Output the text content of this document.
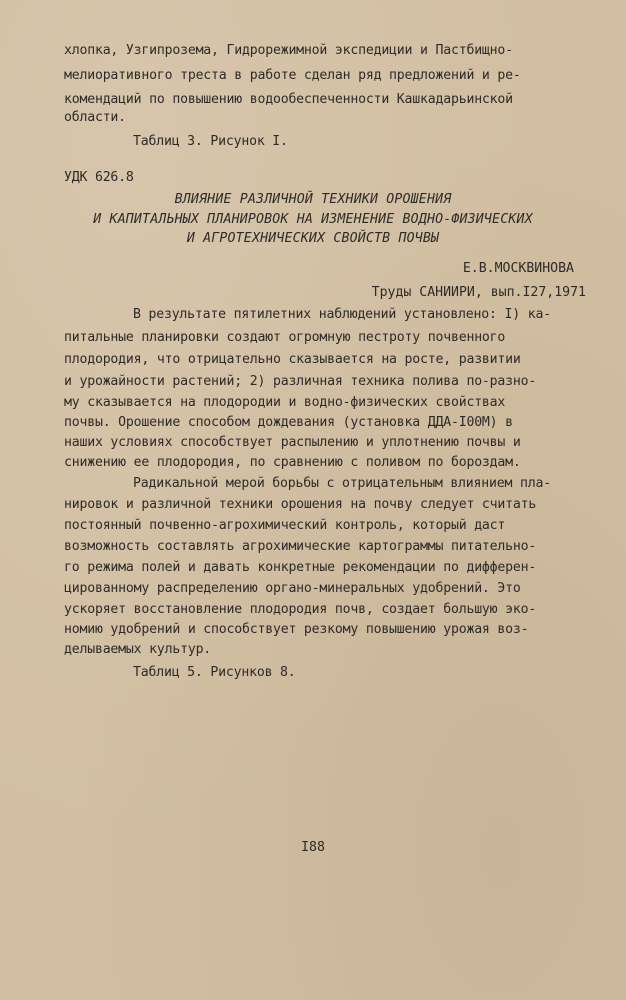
хлопка, Узгипрозема, Гидрорежимной экспедиции и Пастбищно-
мелиоративного треста в работе сделан ряд предложений и ре-
комендаций по повышению водообеспеченности Кашкадарьинской
области.
Таблиц 3. Рисунок I.
УДК 626.8
ВЛИЯНИЕ РАЗЛИЧНОЙ ТЕХНИКИ ОРОШЕНИЯ
И КАПИТАЛЬНЫХ ПЛАНИРОВОК НА ИЗМЕНЕНИЕ ВОДНО-ФИЗИЧЕСКИХ
И АГРОТЕХНИЧЕСКИХ СВОЙСТВ ПОЧВЫ
Е.В.МОСКВИНОВА
Труды САНИИРИ, вып.I27,1971
В результате пятилетних наблюдений установлено: I) ка-
питальные планировки создают огромную пестроту почвенного
плодородия, что отрицательно сказывается на росте, развитии
и урожайности растений; 2) различная техника полива по-разно-
му сказывается на плодородии и водно-физических свойствах
почвы. Орошение способом дождевания (установка ДДА-I00М) в
наших условиях способствует распылению и уплотнению почвы и
снижению ее плодородия, по сравнению с поливом по бороздам.
Радикальной мерой борьбы с отрицательным влиянием пла-
нировок и различной техники орошения на почву следует считать
постоянный почвенно-агрохимический контроль, который даст
возможность составлять агрохимические картограммы питательно-
го режима полей и давать конкретные рекомендации по дифферен-
цированному распределению органо-минеральных удобрений. Это
ускоряет восстановление плодородия почв, создает большую эко-
номию удобрений и способствует резкому повышению урожая воз-
делываемых культур.
Таблиц 5. Рисунков 8.
I88
